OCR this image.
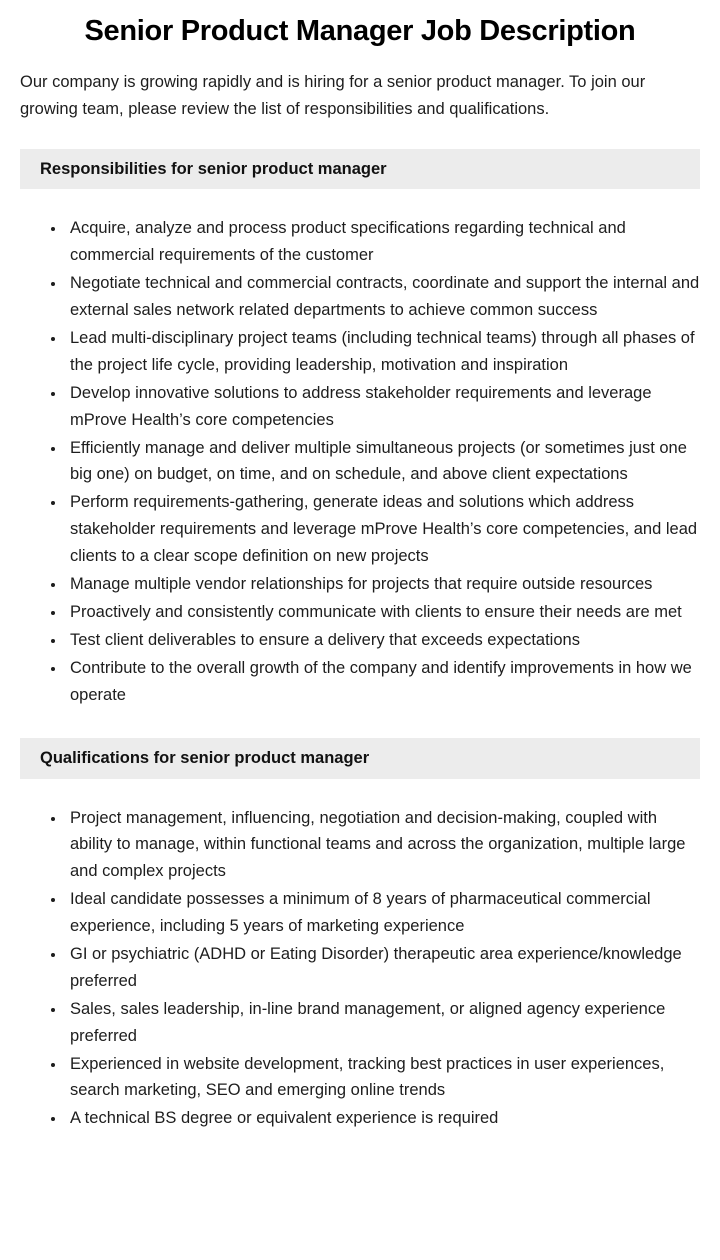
Senior Product Manager Job Description

Our company is growing rapidly and is hiring for a senior product manager. To join our growing team, please review the list of responsibilities and qualifications.

Responsibilities for senior product manager
• Acquire, analyze and process product specifications regarding technical and commercial requirements of the customer
• Negotiate technical and commercial contracts, coordinate and support the internal and external sales network related departments to achieve common success
• Lead multi-disciplinary project teams (including technical teams) through all phases of the project life cycle, providing leadership, motivation and inspiration
• Develop innovative solutions to address stakeholder requirements and leverage mProve Health’s core competencies
• Efficiently manage and deliver multiple simultaneous projects (or sometimes just one big one) on budget, on time, and on schedule, and above client expectations
• Perform requirements-gathering, generate ideas and solutions which address stakeholder requirements and leverage mProve Health’s core competencies, and lead clients to a clear scope definition on new projects
• Manage multiple vendor relationships for projects that require outside resources
• Proactively and consistently communicate with clients to ensure their needs are met
• Test client deliverables to ensure a delivery that exceeds expectations
• Contribute to the overall growth of the company and identify improvements in how we operate
Qualifications for senior product manager
• Project management, influencing, negotiation and decision-making, coupled with ability to manage, within functional teams and across the organization, multiple large and complex projects
• Ideal candidate possesses a minimum of 8 years of pharmaceutical commercial experience, including 5 years of marketing experience
• GI or psychiatric (ADHD or Eating Disorder) therapeutic area experience/knowledge preferred
• Sales, sales leadership, in-line brand management, or aligned agency experience preferred
• Experienced in website development, tracking best practices in user experiences, search marketing, SEO and emerging online trends
• A technical BS degree or equivalent experience is required
